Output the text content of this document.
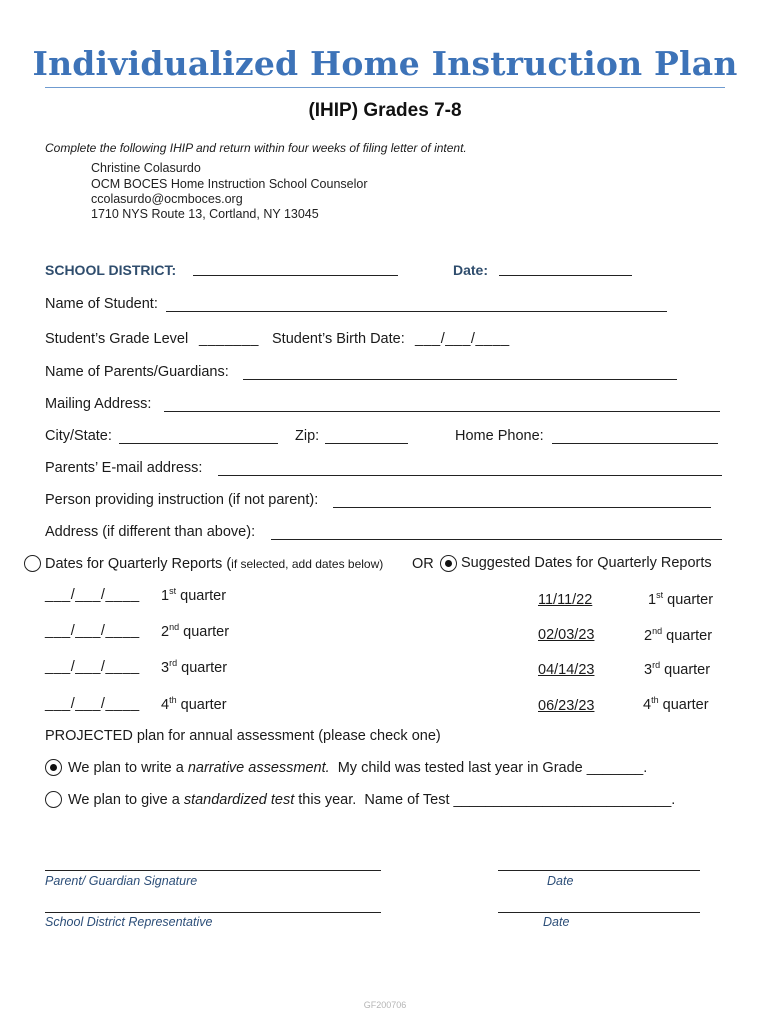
Individualized Home Instruction Plan
(IHIP) Grades 7-8
Complete the following IHIP and return within four weeks of filing letter of intent.
Christine Colasurdo
OCM BOCES Home Instruction School Counselor
ccolasurdo@ocmboces.org
1710 NYS Route 13, Cortland, NY 13045
SCHOOL DISTRICT:	Date:
Name of Student:
Student’s Grade Level _______ Student’s Birth Date: ___/___/____
Name of Parents/Guardians:
Mailing Address:
City/State:	Zip:	Home Phone:
Parents’ E-mail address:
Person providing instruction (if not parent):
Address (if different than above):
Dates for Quarterly Reports (if selected, add dates below) OR Suggested Dates for Quarterly Reports
___/___/____ 1st quarter	11/11/22	1st quarter
___/___/____ 2nd quarter	02/03/23	2nd quarter
___/___/____ 3rd quarter	04/14/23	3rd quarter
___/___/____ 4th quarter	06/23/23	4th quarter
PROJECTED plan for annual assessment (please check one)
We plan to write a narrative assessment.  My child was tested last year in Grade _______.
We plan to give a standardized test this year.  Name of Test ___________________________.
Parent/ Guardian Signature	Date
School District Representative	Date
GF200706
